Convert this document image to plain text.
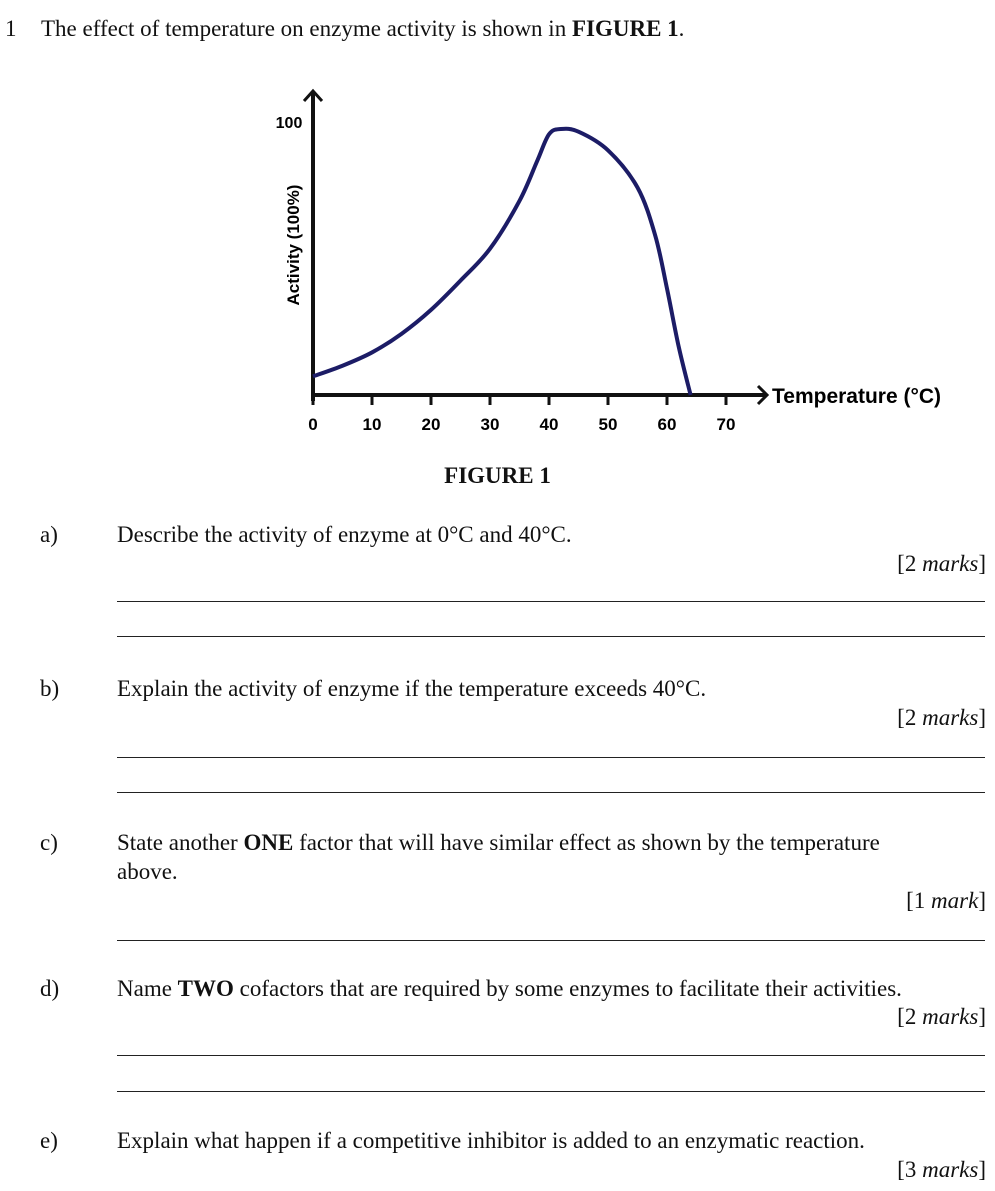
1 The effect of temperature on enzyme activity is shown in FIGURE 1.
0	10 20 30 40 50 60 70
100
Temperature (°C)
Activity (100%)
FIGURE 1
a)	Describe the activity of enzyme at 0°C and 40°C.
[2 marks]
b)	Explain the activity of enzyme if the temperature exceeds 40°C.
[2 marks]
c)	State another ONE factor that will have similar effect as shown by the temperature
above.
[1 mark]
d)	Name TWO cofactors that are required by some enzymes to facilitate their activities.
[2 marks]
e)	Explain what happen if a competitive inhibitor is added to an enzymatic reaction.
[3 marks]
